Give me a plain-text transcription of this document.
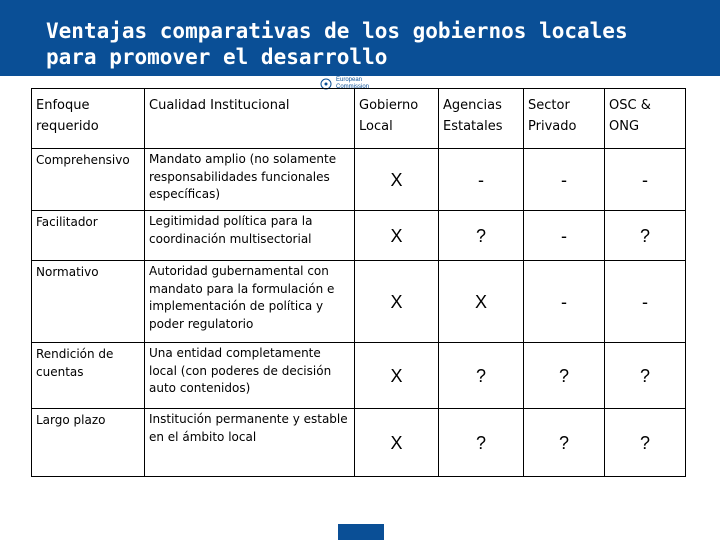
Ventajas comparativas de los gobiernos locales
para promover el desarrollo
European
Commission
Enfoque requerido	Cualidad Institucional	Gobierno Local	Agencias Estatales	Sector Privado	OSC & ONG
Comprehensivo	Mandato amplio (no solamente responsabilidades funcionales específicas)	X	-	-	-
Facilitador	Legitimidad política para la coordinación multisectorial	X	?	-	?
Normativo	Autoridad gubernamental con mandato para la formulación e implementación de política y poder regulatorio	X	X	-	-
Rendición de cuentas	Una entidad completamente local (con poderes de decisión auto contenidos)	X	?	?	?
Largo plazo	Institución permanente y estable en el ámbito local	X	?	?	?
